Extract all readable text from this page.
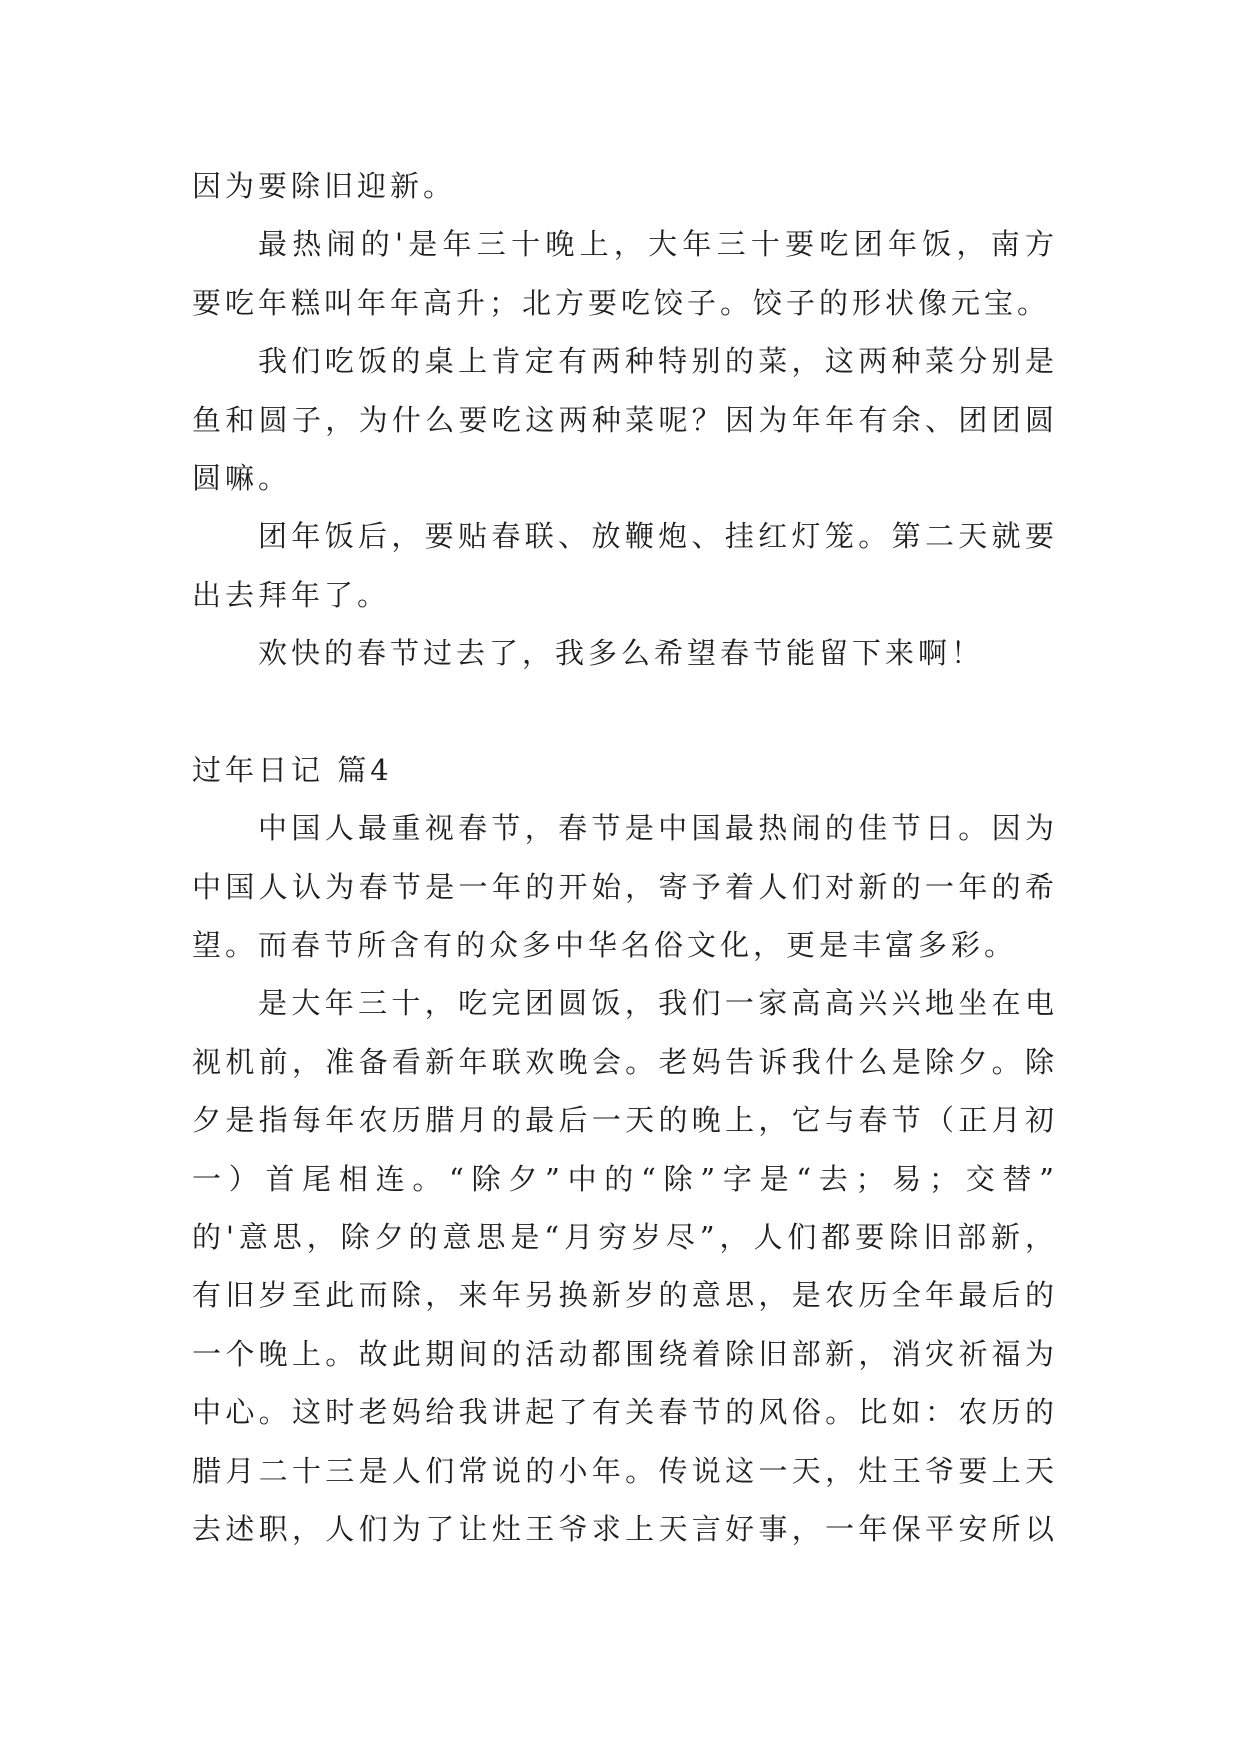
因为要除旧迎新。
最热闹的'是年三十晚上，大年三十要吃团年饭，南方
要吃年糕叫年年高升；北方要吃饺子。饺子的形状像元宝。
我们吃饭的桌上肯定有两种特别的菜，这两种菜分别是
鱼和圆子，为什么要吃这两种菜呢？因为年年有余、团团圆
圆嘛。
团年饭后，要贴春联、放鞭炮、挂红灯笼。第二天就要
出去拜年了。
欢快的春节过去了，我多么希望春节能留下来啊！
过年日记 篇4
中国人最重视春节，春节是中国最热闹的佳节日。因为
中国人认为春节是一年的开始，寄予着人们对新的一年的希
望。而春节所含有的众多中华名俗文化，更是丰富多彩。
是大年三十，吃完团圆饭，我们一家高高兴兴地坐在电
视机前，准备看新年联欢晚会。老妈告诉我什么是除夕。除
夕是指每年农历腊月的最后一天的晚上，它与春节（正月初
一）首尾相连。“除夕”中的“除”字是“去；易；交替”
的'意思，除夕的意思是“月穷岁尽”，人们都要除旧部新，
有旧岁至此而除，来年另换新岁的意思，是农历全年最后的
一个晚上。故此期间的活动都围绕着除旧部新，消灾祈福为
中心。这时老妈给我讲起了有关春节的风俗。比如：农历的
腊月二十三是人们常说的小年。传说这一天，灶王爷要上天
去述职，人们为了让灶王爷求上天言好事，一年保平安所以
